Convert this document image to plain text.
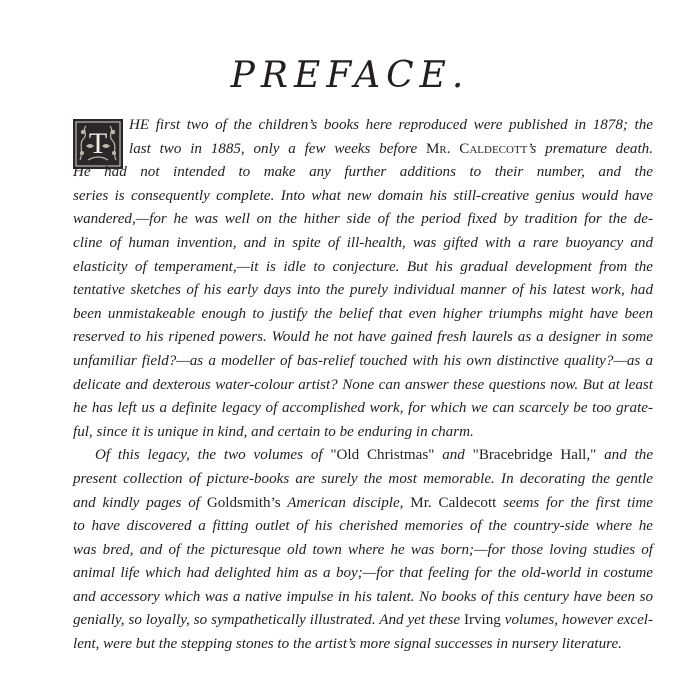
PREFACE.
T

HE first two of the children’s books here reproduced were published in 1878; the
last two in 1885, only a few weeks before Mr. Caldecott’s premature death.
He had not intended to make any further additions to their number, and the
series is consequently complete. Into what new domain his still-creative genius would have
wandered,—for he was well on the hither side of the period fixed by tradition for the de-
cline of human invention, and in spite of ill-health, was gifted with a rare buoyancy and
elasticity of temperament,—it is idle to conjecture. But his gradual development from the
tentative sketches of his early days into the purely individual manner of his latest work, had
been unmistakeable enough to justify the belief that even higher triumphs might have been
reserved to his ripened powers. Would he not have gained fresh laurels as a designer in some
unfamiliar field?—as a modeller of bas-relief touched with his own distinctive quality?—as a
delicate and dexterous water-colour artist? None can answer these questions now. But at least
he has left us a definite legacy of accomplished work, for which we can scarcely be too grate-
ful, since it is unique in kind, and certain to be enduring in charm.

Of this legacy, the two volumes of "Old Christmas" and "Bracebridge Hall," and the
present collection of picture-books are surely the most memorable. In decorating the gentle
and kindly pages of Goldsmith’s American disciple, Mr. Caldecott seems for the first time
to have discovered a fitting outlet of his cherished memories of the country-side where he
was bred, and of the picturesque old town where he was born;—for those loving studies of
animal life which had delighted him as a boy;—for that feeling for the old-world in costume
and accessory which was a native impulse in his talent. No books of this century have been so
genially, so loyally, so sympathetically illustrated. And yet these Irving volumes, however excel-
lent, were but the stepping stones to the artist’s more signal successes in nursery literature.
